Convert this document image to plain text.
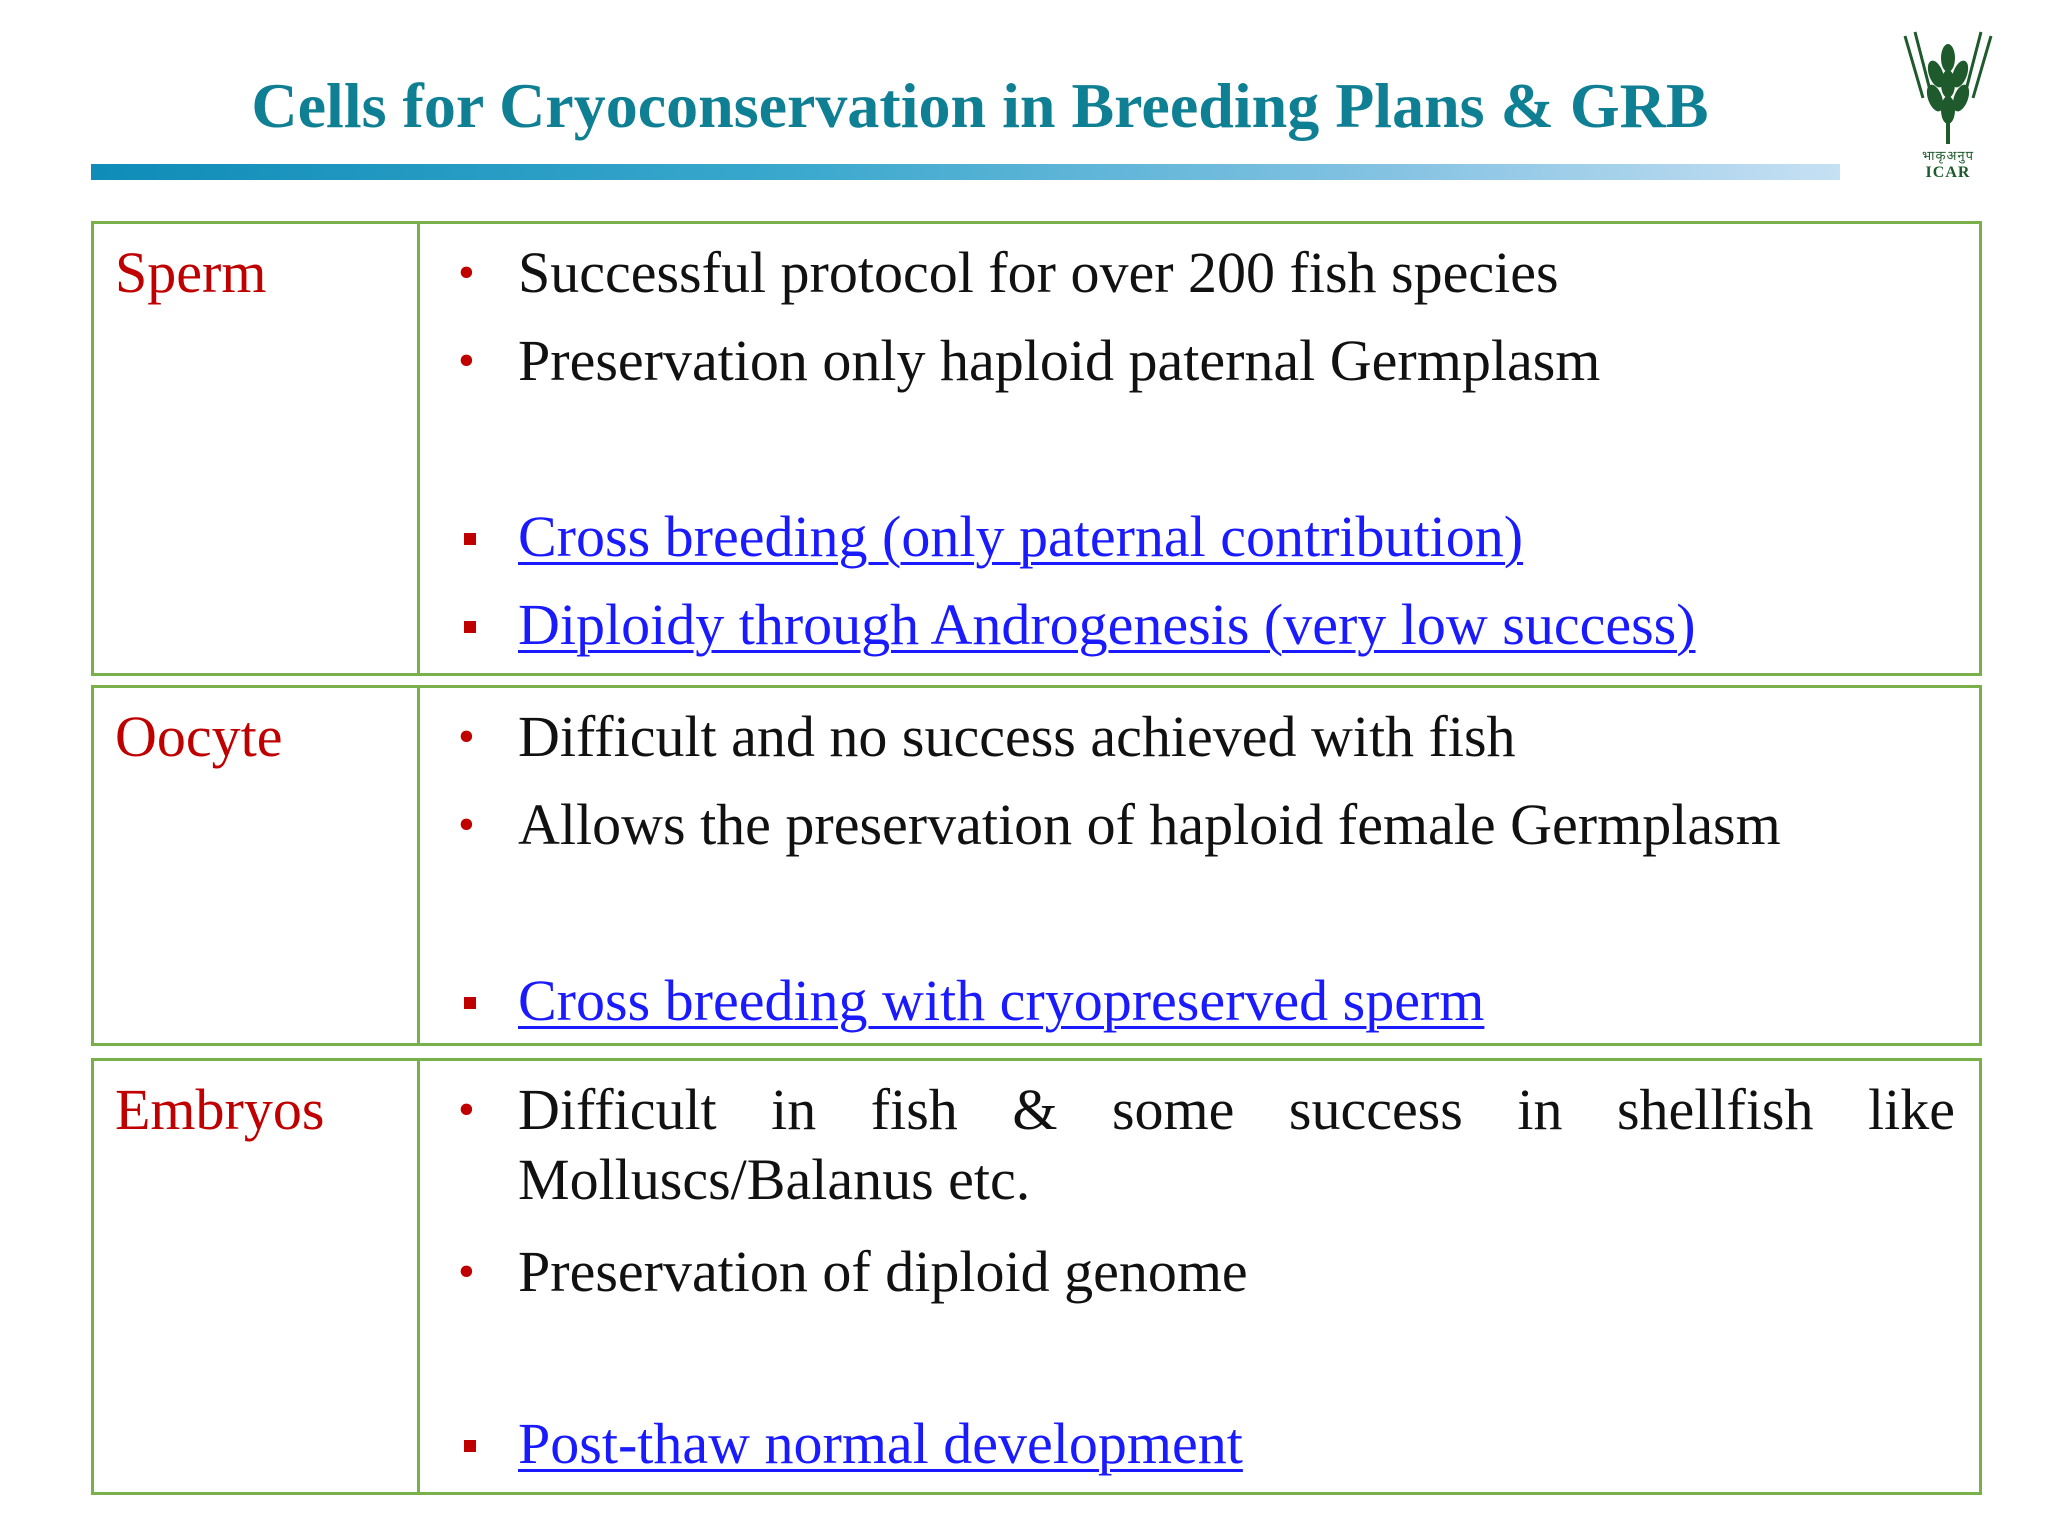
Cells for Cryoconservation in Breeding Plans & GRB
भाकृअनुप
ICAR
Sperm	• Successful protocol for over 200 fish species
• Preservation only haploid paternal Germplasm
Cross breeding (only paternal contribution)
Diploidy through Androgenesis (very low success)
Oocyte	• Difficult and no success achieved with fish
• Allows the preservation of haploid female Germplasm
Cross breeding with cryopreserved sperm
Embryos	• Difficult in fish & some success in shellfish like Molluscs/Balanus etc.
• Preservation of diploid genome
Post-thaw normal development
